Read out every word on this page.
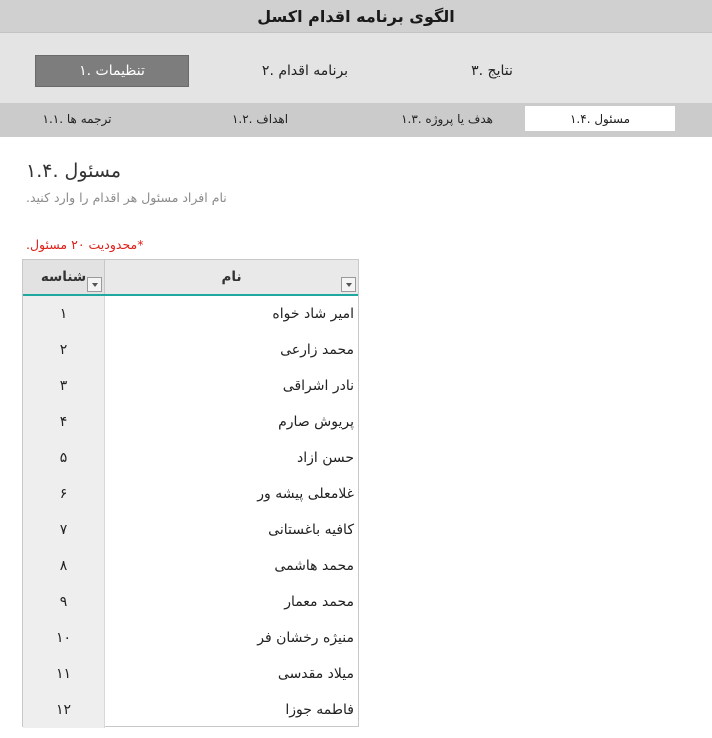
الگوی برنامه اقدام اکسل
تنظیمات .۱	برنامه اقدام .۲	نتایج .۳
ترجمه ها .۱.۱	اهداف .۱.۲	هدف یا پروژه .۱.۳	مسئول .۱.۴
مسئول .۱.۴
نام افراد مسئول هر اقدام را وارد کنید.
*محدودیت ۲۰ مسئول.
شناسه	نام
۱	امیر شاد خواه
۲	محمد زارعی
۳	نادر اشراقی
۴	پریوش صارم
۵	حسن ازاد
۶	غلامعلی پیشه ور
۷	کافیه باغستانی
۸	محمد هاشمی
۹	محمد معمار
۱۰	منیژه رخشان فر
۱۱	میلاد مقدسی
۱۲	فاطمه جوزا
